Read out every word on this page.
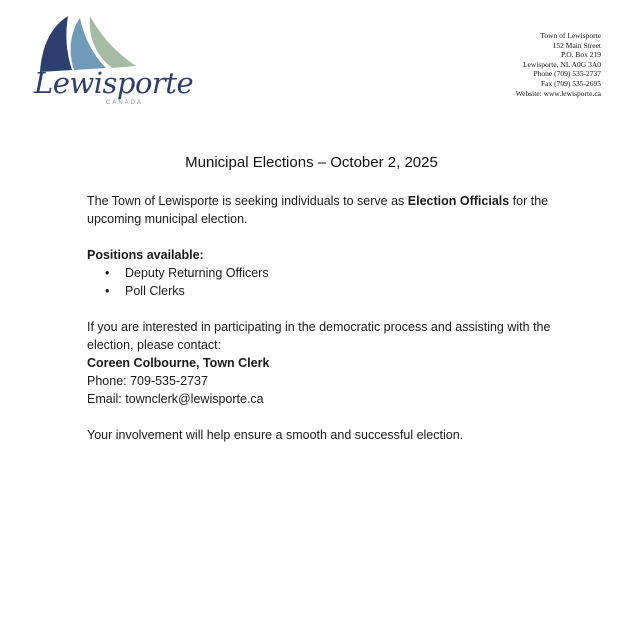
Lewisporte
CANADA
Town of Lewisporte
152 Main Street
P.O. Box 219
Lewisporte, NL A0G 3A0
Phone (709) 535-2737
Fax (709) 535-2695
Website: www.lewisporte.ca
Municipal Elections – October 2, 2025

The Town of Lewisporte is seeking individuals to serve as Election Officials for the upcoming municipal election.

Positions available:

• Deputy Returning Officers
• Poll Clerks

If you are interested in participating in the democratic process and assisting with the election, please contact:

Coreen Colbourne, Town Clerk

Phone: 709-535-2737

Email: townclerk@lewisporte.ca

Your involvement will help ensure a smooth and successful election.
